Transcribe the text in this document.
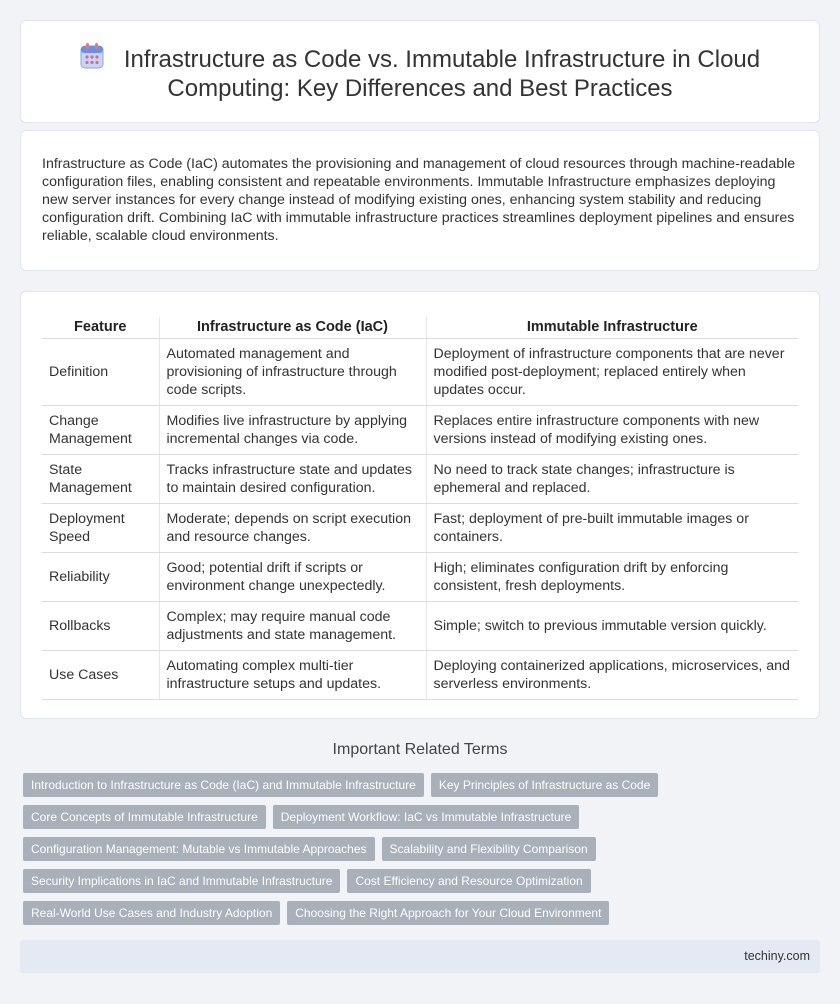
Infrastructure as Code vs. Immutable Infrastructure in Cloud Computing: Key Differences and Best Practices

Infrastructure as Code (IaC) automates the provisioning and management of cloud resources through machine-readable configuration files, enabling consistent and repeatable environments. Immutable Infrastructure emphasizes deploying new server instances for every change instead of modifying existing ones, enhancing system stability and reducing configuration drift. Combining IaC with immutable infrastructure practices streamlines deployment pipelines and ensures reliable, scalable cloud environments.

Feature	Infrastructure as Code (IaC)	Immutable Infrastructure
Definition	Automated management and provisioning of infrastructure through code scripts.	Deployment of infrastructure components that are never modified post-deployment; replaced entirely when updates occur.
Change Management	Modifies live infrastructure by applying incremental changes via code.	Replaces entire infrastructure components with new versions instead of modifying existing ones.
State Management	Tracks infrastructure state and updates to maintain desired configuration.	No need to track state changes; infrastructure is ephemeral and replaced.
Deployment Speed	Moderate; depends on script execution and resource changes.	Fast; deployment of pre-built immutable images or containers.
Reliability	Good; potential drift if scripts or environment change unexpectedly.	High; eliminates configuration drift by enforcing consistent, fresh deployments.
Rollbacks	Complex; may require manual code adjustments and state management.	Simple; switch to previous immutable version quickly.
Use Cases	Automating complex multi-tier infrastructure setups and updates.	Deploying containerized applications, microservices, and serverless environments.
Important Related Terms
Introduction to Infrastructure as Code (IaC) and Immutable Infrastructure	Key Principles of Infrastructure as Code
Core Concepts of Immutable Infrastructure	Deployment Workflow: IaC vs Immutable Infrastructure
Configuration Management: Mutable vs Immutable Approaches	Scalability and Flexibility Comparison
Security Implications in IaC and Immutable Infrastructure	Cost Efficiency and Resource Optimization
Real-World Use Cases and Industry Adoption	Choosing the Right Approach for Your Cloud Environment
techiny.com
